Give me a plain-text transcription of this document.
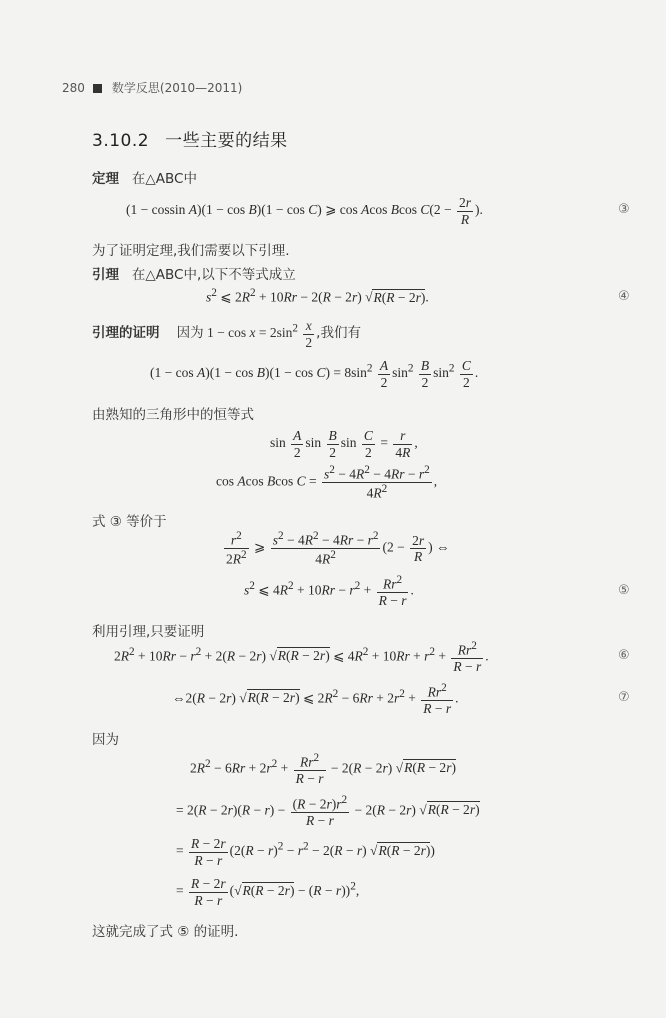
280 数学反思(2010—2011)
3.10.2 一些主要的结果
定理 在△ABC中
(1 − cossin A)(1 − cos B)(1 − cos C) ⩾ cos Acos Bcos $C(2 - \frac{2r}{R}$ ).	③
为了证明定理,我们需要以下引理.
引理 在△ABC中,以下不等式成立
$s^2$ ⩽ $2R^2 + 10Rr - 2(R - 2r) √R(R - 2r)$.	④
引理的证明 因为 $1 - \cos x = 2\sin^2 \frac{x}{2}$ ,我们有
$(1 - \cos A)(1 - \cos B)(1 - \cos C) = 8\sin^2 \frac{A}{2} \sin^2 \frac{B}{2} \sin^2 \frac{C}{2}$ .
由熟知的三角形中的恒等式
$\sin \frac{A}{2}$ $\sin \frac{B}{2}$ $\sin \frac{C}{2} = \frac{r}{4R}$ ,
cos Acos Bcos $C = \frac{s^2 - 4R^2 - 4Rr - r^2}{4R^2}$ ,
式 ③ 等价于
$\frac{r^2}{2R^2}$ ⩾ $\frac{s^2 - 4R^2 - 4Rr - r^2}{4R^2} (2 - \frac{2r}{R}$ ) ⇔
$s^2$ ⩽ $4R^2 + 10Rr - r^2 + \frac{Rr^2}{R - r}$ .	⑤
利用引理,只要证明
$2R^2 + 10Rr - r^2 + 2(R - 2r) √R(R - 2r)$ ⩽ $4R^2 + 10Rr + r^2 + \frac{Rr^2}{R - r}$ .	⑥
⇔2(R − 2r) √R(R − 2r) ⩽ $2R^2 - 6Rr + 2r^2 + \frac{Rr^2}{R - r}$ .	⑦
因为
$2R^2 - 6Rr + 2r^2 + \frac{Rr^2}{R - r} - 2(R - 2r) √R(R - 2r)$
= $2(R - 2r)(R - r) - \frac{(R - 2r)r^2}{R - r} - 2(R - 2r) √R(R - 2r)$
= $\frac{R - 2r}{R - r} (2(R - r)^2 - r^2 - 2(R - r) √R(R - 2r))$
= $\frac{R - 2r}{R - r} (√R(R - 2r) - (R - r))^2$,
这就完成了式 ⑤ 的证明.
